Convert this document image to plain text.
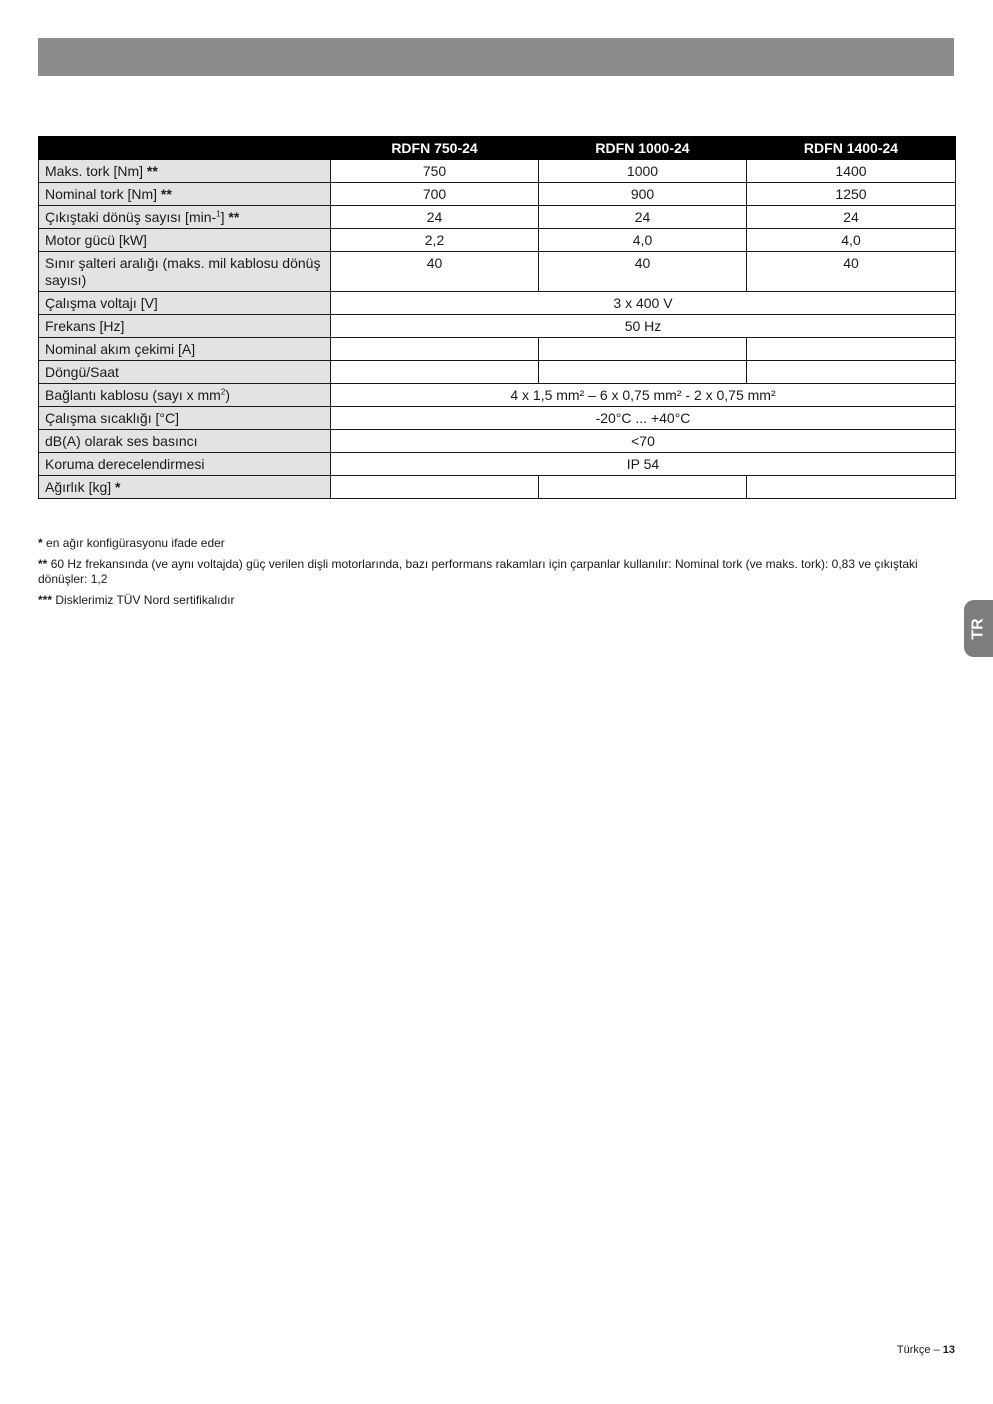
	RDFN 750-24	RDFN 1000-24	RDFN 1400-24
Maks. tork [Nm] **	750	1000	1400
Nominal tork [Nm] **	700	900	1250
Çıkıştaki dönüş sayısı [min-$^1$] **	24	24	24
Motor gücü [kW]	2,2	4,0	4,0
Sınır şalteri aralığı (maks. mil kablosu dönüş sayısı)	40	40	40
Çalışma voltajı [V]	3 x 400 V		
Frekans [Hz]	50 Hz		
Nominal akım çekimi [A]			
Döngü/Saat			
Bağlantı kablosu (sayı x $mm^2$)	4 x 1,5 mm² – 6 x 0,75 mm² - 2 x 0,75 mm²		
Çalışma sıcaklığı [°C]	-20°C ... +40°C		
dB(A) olarak ses basıncı	<70		
Koruma derecelendirmesi	IP 54		
Ağırlık [kg] *			

* en ağır konfigürasyonu ifade eder

** 60 Hz frekansında (ve aynı voltajda) güç verilen dişli motorlarında, bazı performans rakamları için çarpanlar kullanılır: Nominal tork (ve maks. tork): 0,83 ve çıkıştaki dönüşler: 1,2

*** Disklerimiz TÜV Nord sertifikalıdır

TR
Türkçe – 13
